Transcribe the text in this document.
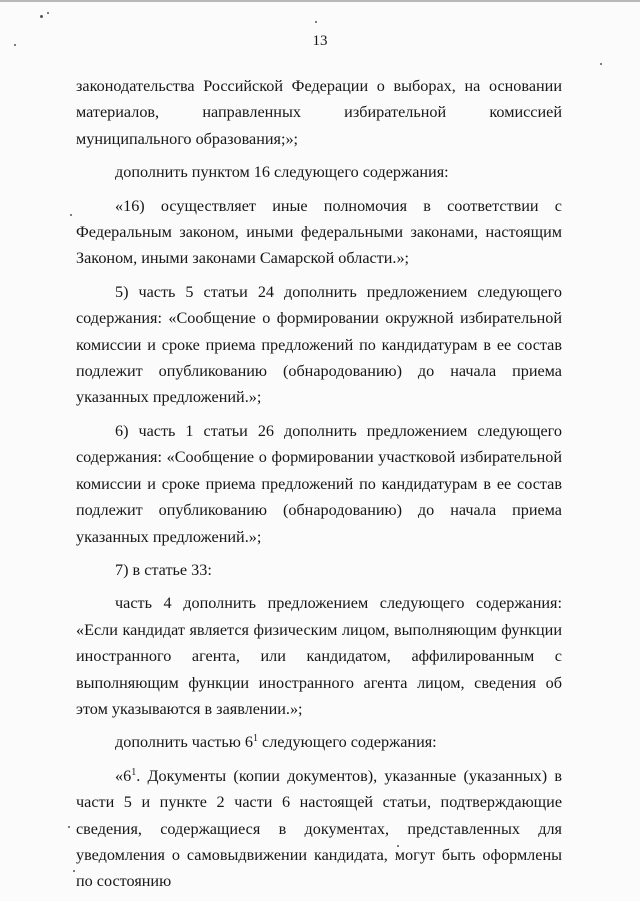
13

законодательства Российской Федерации о выборах, на основании материалов, направленных избирательной комиссией муниципального образования;»;

дополнить пунктом 16 следующего содержания:

«16) осуществляет иные полномочия в соответствии с Федеральным законом, иными федеральными законами, настоящим Законом, иными законами Самарской области.»;

5) часть 5 статьи 24 дополнить предложением следующего содержания: «Сообщение о формировании окружной избирательной комиссии и сроке приема предложений по кандидатурам в ее состав подлежит опубликованию (обнародованию) до начала приема указанных предложений.»;

6) часть 1 статьи 26 дополнить предложением следующего содержания: «Сообщение о формировании участковой избирательной комиссии и сроке приема предложений по кандидатурам в ее состав подлежит опубликованию (обнародованию) до начала приема указанных предложений.»;

7) в статье 33:

часть 4 дополнить предложением следующего содержания: «Если кандидат является физическим лицом, выполняющим функции иностранного агента, или кандидатом, аффилированным с выполняющим функции иностранного агента лицом, сведения об этом указываются в заявлении.»;

дополнить частью $6^1$ следующего содержания:

«$6^1$. Документы (копии документов), указанные (указанных) в части 5 и пункте 2 части 6 настоящей статьи, подтверждающие сведения, содержащиеся в документах, представленных для уведомления о самовыдвижении кандидата, могут быть оформлены по состоянию
